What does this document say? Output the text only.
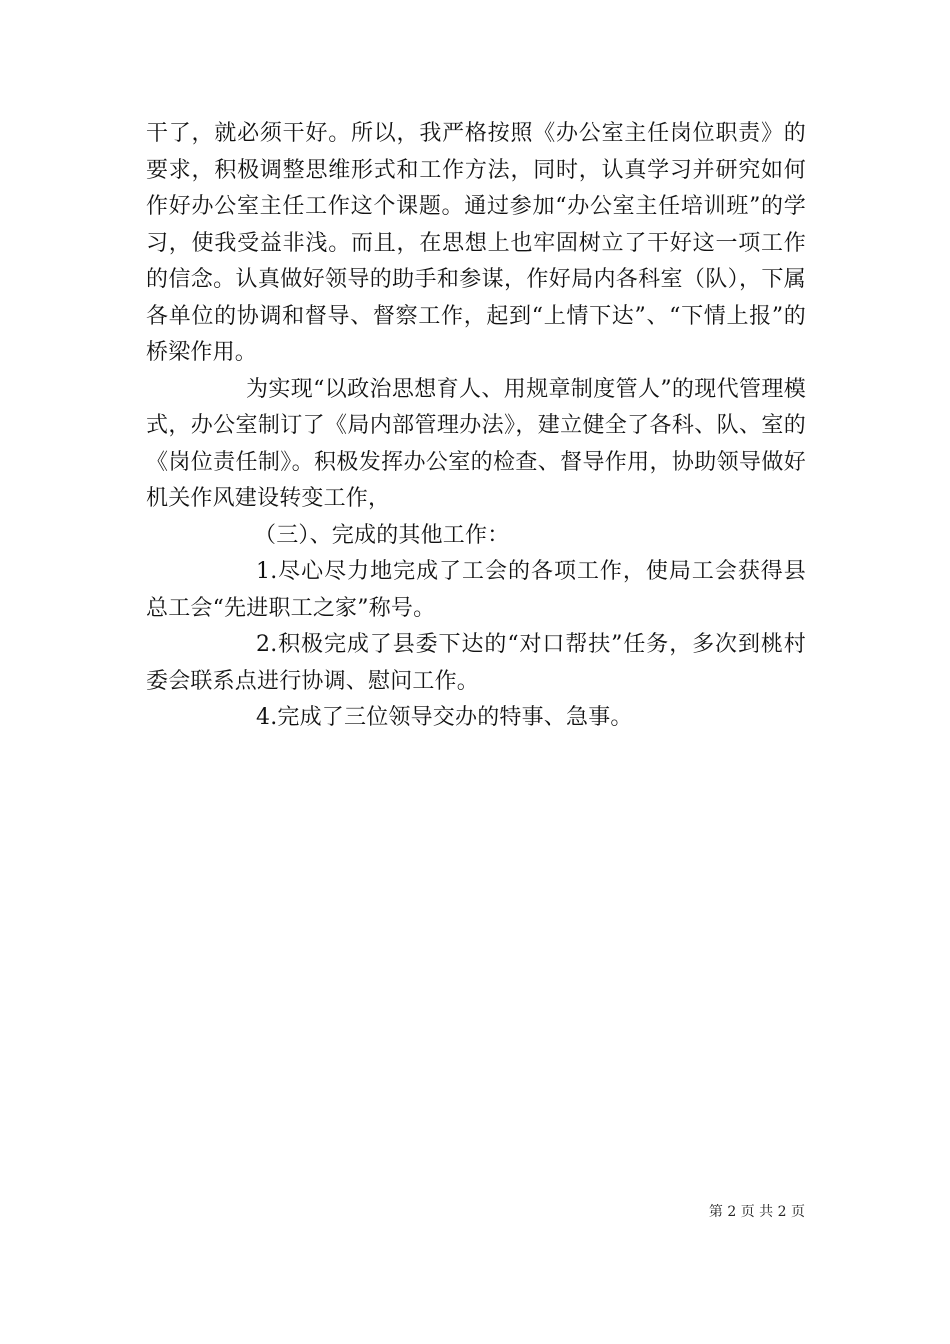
干了，就必须干好。所以，我严格按照《办公室主任岗位职责》的要求，积极调整思维形式和工作方法，同时，认真学习并研究如何作好办公室主任工作这个课题。通过参加“办公室主任培训班”的学习，使我受益非浅。而且，在思想上也牢固树立了干好这一项工作的信念。认真做好领导的助手和参谋，作好局内各科室（队），下属各单位的协调和督导、督察工作，起到“上情下达”、“下情上报”的桥梁作用。

为实现“以政治思想育人、用规章制度管人”的现代管理模式，办公室制订了《局内部管理办法》，建立健全了各科、队、室的《岗位责任制》。积极发挥办公室的检查、督导作用，协助领导做好机关作风建设转变工作，

（三）、完成的其他工作：

1.尽心尽力地完成了工会的各项工作，使局工会获得县总工会“先进职工之家”称号。

2.积极完成了县委下达的“对口帮扶”任务，多次到桃村委会联系点进行协调、慰问工作。

4.完成了三位领导交办的特事、急事。

第 2 页 共 2 页
